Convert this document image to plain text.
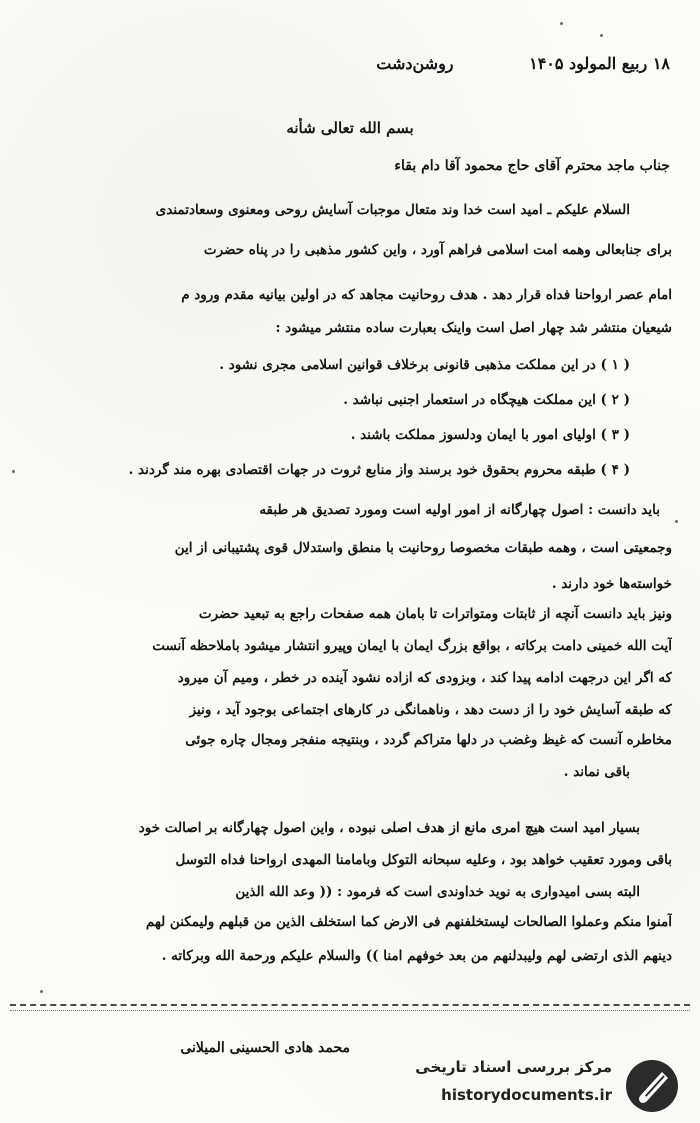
۱۸ ربیع المولود ۱۴۰۵ روشن‌دشت
بسم الله تعالی شأنه
جناب ماجد محترم آقای حاج محمود آقا دام بقاء
السلام علیکم ـ امید است خدا وند متعال موجبات آسایش روحی ومعنوی وسعادتمندی
برای جنابعالی وهمه امت اسلامی فراهم آورد ، واین کشور مذهبی را در پناه حضرت
امام عصر ارواحنا فداه قرار دهد . هدف روحانیت مجاهد که در اولین بیانیه مقدم ورود م
شیعیان منتشر شد چهار اصل است واینک بعبارت ساده منتشر میشود :
( ۱ ) در این مملکت مذهبی قانونی برخلاف قوانین اسلامی مجری نشود .
( ۲ ) این مملکت هیچگاه در استعمار اجنبی نباشد .
( ۳ ) اولیای امور با ایمان ودلسوز مملکت باشند .
( ۴ ) طبقه محروم بحقوق خود برسند واز منابع ثروت در جهات اقتصادی بهره مند گردند .
باید دانست : اصول چهارگانه از امور اولیه است ومورد تصدیق هر طبقه
وجمعیتی است ، وهمه طبقات مخصوصا روحانیت با منطق واستدلال قوی پشتیبانی از این
خواسته‌ها خود دارند .
ونیز باید دانست آنچه از ثابتات ومتواترات تا بامان همه صفحات راجع به تبعید حضرت
آیت الله خمینی دامت برکاته ، بواقع بزرگ ایمان با ایمان وپیرو انتشار میشود باملاحظه آنست
که اگر این درجهت ادامه پیدا کند ، وبزودی که ازاده نشود آینده در خطر ، ومیم آن میرود
که طبقه آسایش خود را از دست دهد ، وناهمانگی در کارهای اجتماعی بوجود آید ، ونیز
مخاطره آنست که غیظ وغضب در دلها متراکم گردد ، وبنتیجه منفجر ومجال چاره جوئی
باقی نماند .
بسیار امید است هیچ امری مانع از هدف اصلی نبوده ، واین اصول چهارگانه بر اصالت خود
باقی ومورد تعقیب خواهد بود ، وعلیه سبحانه التوکل وبامامنا المهدی ارواحنا فداه التوسل
البته بسی امیدواری به نوید خداوندی است که فرمود : (( وعد الله الذین
آمنوا منکم وعملوا الصالحات لیستخلفنهم فی الارض کما استخلف الذین من قبلهم ولیمکنن لهم
دینهم الذی ارتضی لهم ولیبدلنهم من بعد خوفهم امنا )) والسلام علیکم ورحمة الله وبرکاته .
محمد هادی الحسینی المیلانی
مرکز بررسی اسناد تاریخی
historydocuments.ir
